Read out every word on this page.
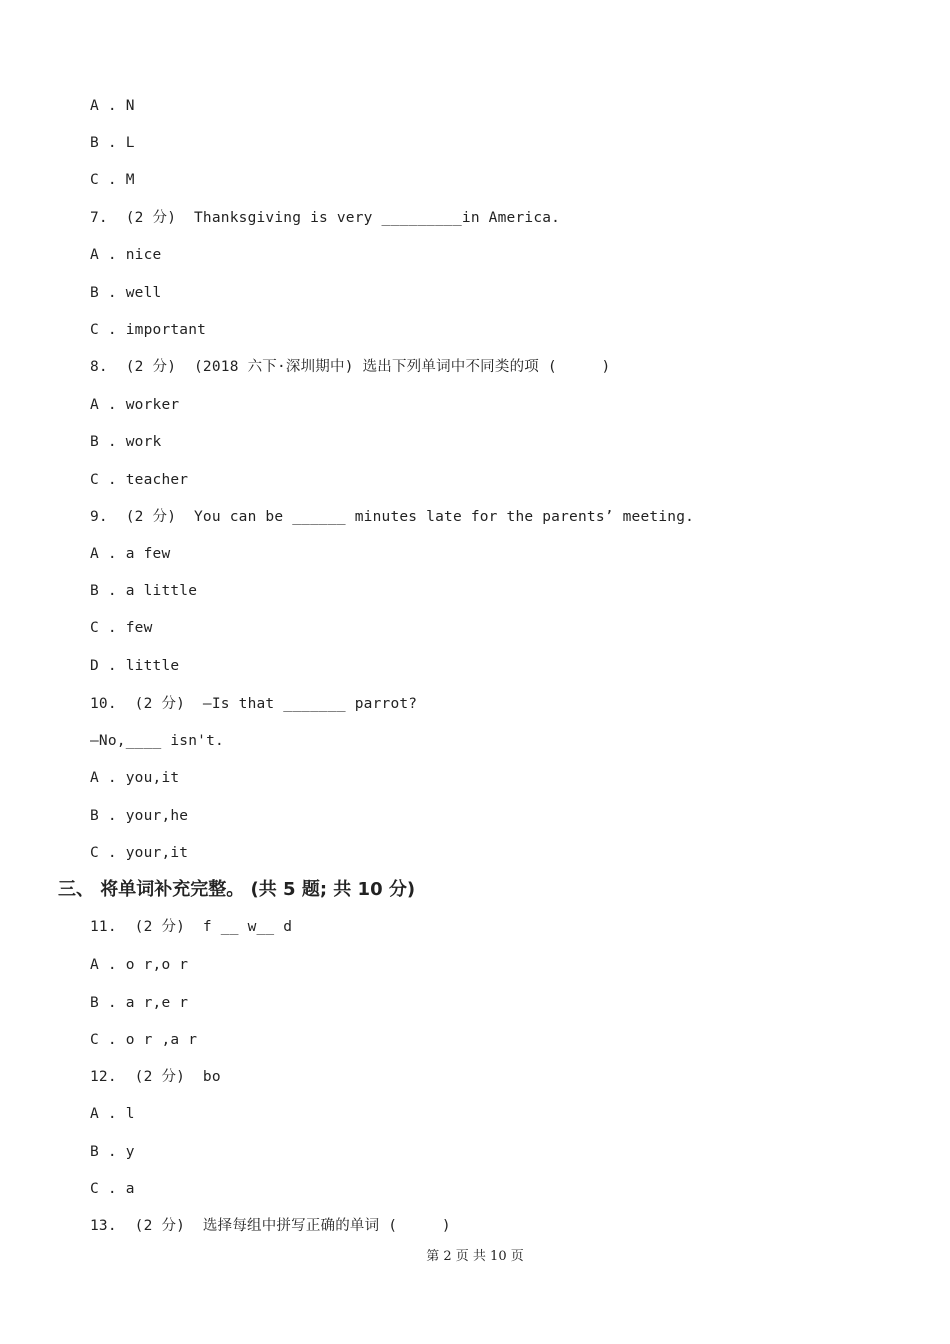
A . N
B . L
C . M
7.  (2 分)  Thanksgiving is very _________in America.
A . nice
B . well
C . important
8.  (2 分)  (2018 六下·深圳期中) 选出下列单词中不同类的项 (     )
A . worker
B . work
C . teacher
9.  (2 分)  You can be ______ minutes late for the parents’ meeting.
A . a few
B . a little
C . few
D . little
10.  (2 分)  —Is that _______ parrot?
—No,____ isn't.
A . you,it
B . your,he
C . your,it
三、 将单词补充完整。 (共 5 题; 共 10 分)
11.  (2 分)  f __ w__ d
A . o r,o r
B . a r,e r
C . o r ,a r
12.  (2 分)  bo
A . l
B . y
C . a
13.  (2 分)  选择每组中拼写正确的单词 (     )
第 2 页 共 10 页
